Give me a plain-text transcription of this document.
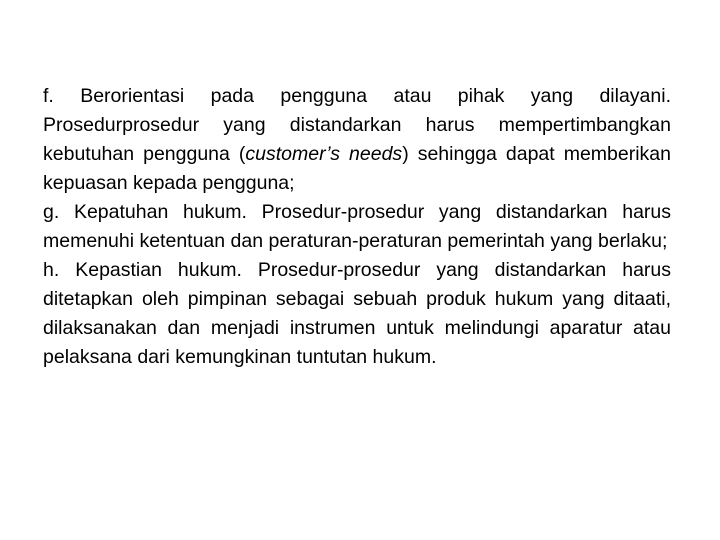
f. Berorientasi pada pengguna atau pihak yang dilayani. Prosedurprosedur yang distandarkan harus mempertimbangkan kebutuhan pengguna (customer’s needs) sehingga dapat memberikan kepuasan kepada pengguna;

g. Kepatuhan hukum. Prosedur-prosedur yang distandarkan harus memenuhi ketentuan dan peraturan-peraturan pemerintah yang berlaku;

h. Kepastian hukum. Prosedur-prosedur yang distandarkan harus ditetapkan oleh pimpinan sebagai sebuah produk hukum yang ditaati, dilaksanakan dan menjadi instrumen untuk melindungi aparatur atau pelaksana dari kemungkinan tuntutan hukum.
